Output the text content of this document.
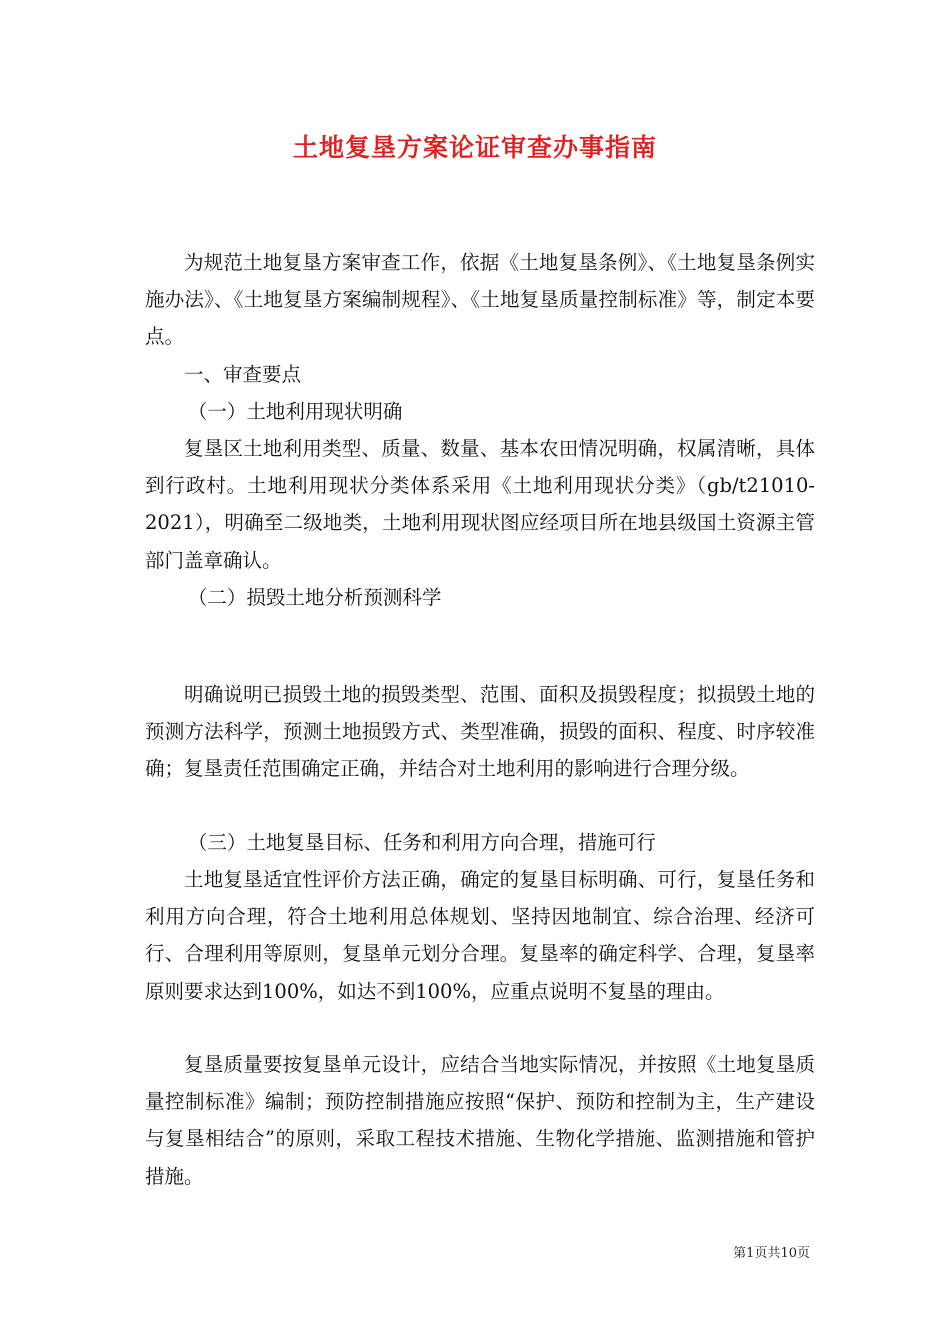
土地复垦方案论证审查办事指南
为规范土地复垦方案审查工作，依据《土地复垦条例》、《土地复垦条例实施办法》、《土地复垦方案编制规程》、《土地复垦质量控制标准》等，制定本要点。
一、审查要点
（一）土地利用现状明确
复垦区土地利用类型、质量、数量、基本农田情况明确，权属清晰，具体到行政村。土地利用现状分类体系采用《土地利用现状分类》（gb/t21010-2021），明确至二级地类，土地利用现状图应经项目所在地县级国土资源主管部门盖章确认。
（二）损毁土地分析预测科学
明确说明已损毁土地的损毁类型、范围、面积及损毁程度；拟损毁土地的预测方法科学，预测土地损毁方式、类型准确，损毁的面积、程度、时序较准确；复垦责任范围确定正确，并结合对土地利用的影响进行合理分级。
（三）土地复垦目标、任务和利用方向合理，措施可行
土地复垦适宜性评价方法正确，确定的复垦目标明确、可行，复垦任务和利用方向合理，符合土地利用总体规划、坚持因地制宜、综合治理、经济可行、合理利用等原则，复垦单元划分合理。复垦率的确定科学、合理，复垦率原则要求达到100%，如达不到100%，应重点说明不复垦的理由。
复垦质量要按复垦单元设计，应结合当地实际情况，并按照《土地复垦质量控制标准》编制；预防控制措施应按照“保护、预防和控制为主，生产建设与复垦相结合”的原则，采取工程技术措施、生物化学措施、监测措施和管护措施。
第1页共10页
